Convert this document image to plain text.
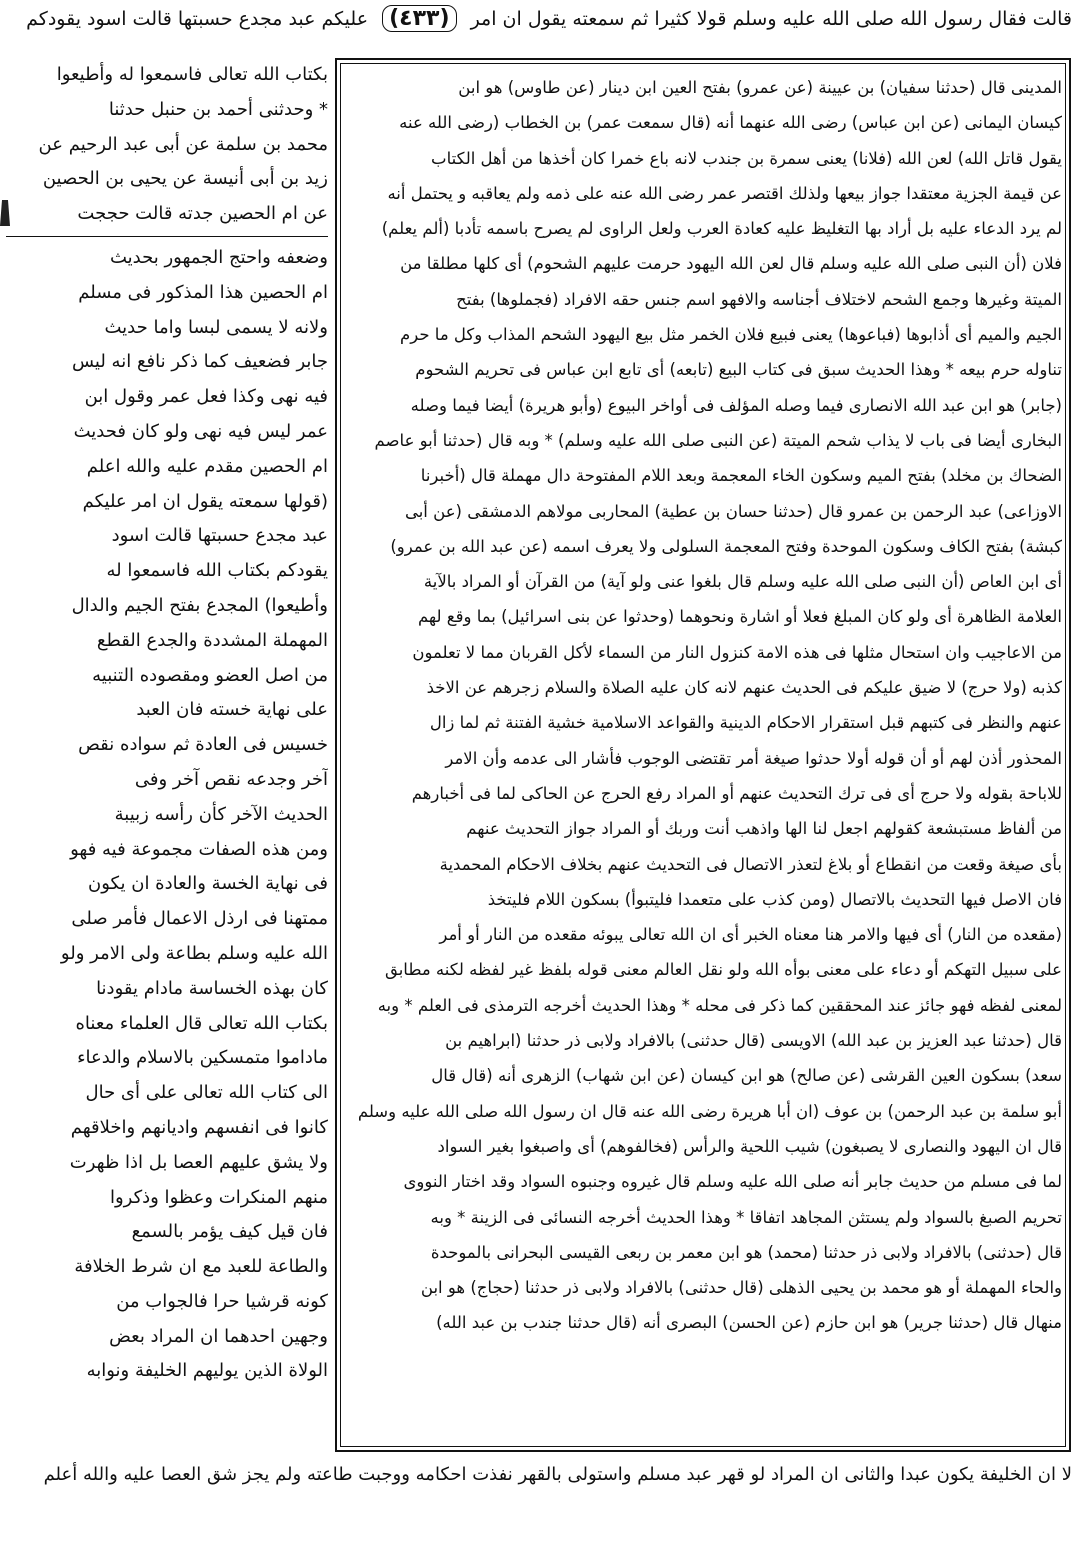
قالت فقال رسول الله صلى الله عليه وسلم قولا كثيرا ثم سمعته يقول ان امر (٤٣٣) عليكم عبد مجدع حسبتها قالت اسود يقودكم

المدينى قال (حدثنا سفيان) بن عيينة (عن عمرو) بفتح العين ابن دينار (عن طاوس) هو ابن

كيسان اليمانى (عن ابن عباس) رضى الله عنهما أنه (قال سمعت عمر) بن الخطاب (رضى الله عنه

يقول قاتل الله) لعن الله (فلانا) يعنى سمرة بن جندب لانه باع خمرا كان أخذها من أهل الكتاب

عن قيمة الجزية معتقدا جواز بيعها ولذلك اقتصر عمر رضى الله عنه على ذمه ولم يعاقبه و يحتمل أنه

لم يرد الدعاء عليه بل أراد بها التغليظ عليه كعادة العرب ولعل الراوى لم يصرح باسمه تأدبا (ألم يعلم)

فلان (أن النبى صلى الله عليه وسلم قال لعن الله اليهود حرمت عليهم الشحوم) أى كلها مطلقا من

الميتة وغيرها وجمع الشحم لاختلاف أجناسه والافهو اسم جنس حقه الافراد (فجملوها) بفتح

الجيم والميم أى أذابوها (فباعوها) يعنى فبيع فلان الخمر مثل بيع اليهود الشحم المذاب وكل ما حرم

تناوله حرم بيعه * وهذا الحديث سبق فى كتاب البيع (تابعه) أى تابع ابن عباس فى تحريم الشحوم

(جابر) هو ابن عبد الله الانصارى فيما وصله المؤلف فى أواخر البيوع (وأبو هريرة) أيضا فيما وصله

البخارى أيضا فى باب لا يذاب شحم الميتة (عن النبى صلى الله عليه وسلم) * وبه قال (حدثنا أبو عاصم

الضحاك بن مخلد) بفتح الميم وسكون الخاء المعجمة وبعد اللام المفتوحة دال مهملة قال (أخبرنا

الاوزاعى) عبد الرحمن بن عمرو قال (حدثنا حسان بن عطية) المحاربى مولاهم الدمشقى (عن أبى

كبشة) بفتح الكاف وسكون الموحدة وفتح المعجمة السلولى ولا يعرف اسمه (عن عبد الله بن عمرو)

أى ابن العاص (أن النبى صلى الله عليه وسلم قال بلغوا عنى ولو آية) من القرآن أو المراد بالآية

العلامة الظاهرة أى ولو كان المبلغ فعلا أو اشارة ونحوهما (وحدثوا عن بنى اسرائيل) بما وقع لهم

من الاعاجيب وان استحال مثلها فى هذه الامة كنزول النار من السماء لأكل القربان مما لا تعلمون

كذبه (ولا حرج) لا ضيق عليكم فى الحديث عنهم لانه كان عليه الصلاة والسلام زجرهم عن الاخذ

عنهم والنظر فى كتبهم قبل استقرار الاحكام الدينية والقواعد الاسلامية خشية الفتنة ثم لما زال

المحذور أذن لهم أو أن قوله أولا حدثوا صيغة أمر تقتضى الوجوب فأشار الى عدمه وأن الامر

للاباحة بقوله ولا حرج أى فى ترك التحديث عنهم أو المراد رفع الحرج عن الحاكى لما فى أخبارهم

من ألفاظ مستبشعة كقولهم اجعل لنا الها واذهب أنت وربك أو المراد جواز التحديث عنهم

بأى صيغة وقعت من انقطاع أو بلاغ لتعذر الاتصال فى التحديث عنهم بخلاف الاحكام المحمدية

فان الاصل فيها التحديث بالاتصال (ومن كذب على متعمدا فليتبوأ) بسكون اللام فليتخذ

(مقعده من النار) أى فيها والامر هنا معناه الخبر أى ان الله تعالى يبوئه مقعده من النار أو أمر

على سبيل التهكم أو دعاء على معنى بوأه الله ولو نقل العالم معنى قوله بلفظ غير لفظه لكنه مطابق

لمعنى لفظه فهو جائز عند المحققين كما ذكر فى محله * وهذا الحديث أخرجه الترمذى فى العلم * وبه

قال (حدثنا عبد العزيز بن عبد الله) الاويسى (قال حدثنى) بالافراد ولابى ذر حدثنا (ابراهيم بن

سعد) بسكون العين القرشى (عن صالح) هو ابن كيسان (عن ابن شهاب) الزهرى أنه (قال قال

أبو سلمة بن عبد الرحمن) بن عوف (ان أبا هريرة رضى الله عنه قال ان رسول الله صلى الله عليه وسلم

قال ان اليهود والنصارى لا يصبغون) شيب اللحية والرأس (فخالفوهم) أى واصبغوا بغير السواد

لما فى مسلم من حديث جابر أنه صلى الله عليه وسلم قال غيروه وجنبوه السواد وقد اختار النووى

تحريم الصبغ بالسواد ولم يستثن المجاهد اتفاقا * وهذا الحديث أخرجه النسائى فى الزينة * وبه

قال (حدثنى) بالافراد ولابى ذر حدثنا (محمد) هو ابن معمر بن ربعى القيسى البحرانى بالموحدة

والحاء المهملة أو هو محمد بن يحيى الذهلى (قال حدثنى) بالافراد ولابى ذر حدثنا (حجاج) هو ابن

منهال قال (حدثنا جرير) هو ابن حازم (عن الحسن) البصرى أنه (قال حدثنا جندب بن عبد الله)

بكتاب الله تعالى فاسمعوا له وأطيعوا

* وحدثنى أحمد بن حنبل حدثنا

محمد بن سلمة عن أبى عبد الرحيم عن

زيد بن أبى أنيسة عن يحيى بن الحصين

عن ام الحصين جدته قالت حججت

وضعفه واحتج الجمهور بحديث

ام الحصين هذا المذكور فى مسلم

ولانه لا يسمى لبسا واما حديث

جابر فضعيف كما ذكر نافع انه ليس

فيه نهى وكذا فعل عمر وقول ابن

عمر ليس فيه نهى ولو كان فحديث

ام الحصين مقدم عليه والله اعلم

(قولها سمعته يقول ان امر عليكم

عبد مجدع حسبتها قالت اسود

يقودكم بكتاب الله فاسمعوا له

وأطيعوا) المجدع بفتح الجيم والدال

المهملة المشددة والجدع القطع

من اصل العضو ومقصوده التنبيه

على نهاية خسته فان العبد

خسيس فى العادة ثم سواده نقص

آخر وجدعه نقص آخر وفى

الحديث الآخر كأن رأسه زبيبة

ومن هذه الصفات مجموعة فيه فهو

فى نهاية الخسة والعادة ان يكون

ممتهنا فى ارذل الاعمال فأمر صلى

الله عليه وسلم بطاعة ولى الامر ولو

كان بهذه الخساسة مادام يقودنا

بكتاب الله تعالى قال العلماء معناه

ماداموا متمسكين بالاسلام والدعاء

الى كتاب الله تعالى على أى حال

كانوا فى انفسهم واديانهم واخلاقهم

ولا يشق عليهم العصا بل اذا ظهرت

منهم المنكرات وعظوا وذكروا

فان قيل كيف يؤمر بالسمع

والطاعة للعبد مع ان شرط الخلافة

كونه قرشيا حرا فالجواب من

وجهين احدهما ان المراد بعض

الولاة الذين يوليهم الخليفة ونوابه

لا ان الخليفة يكون عبدا والثانى ان المراد لو قهر عبد مسلم واستولى بالقهر نفذت احكامه ووجبت طاعته ولم يجز شق العصا عليه والله أعلم
